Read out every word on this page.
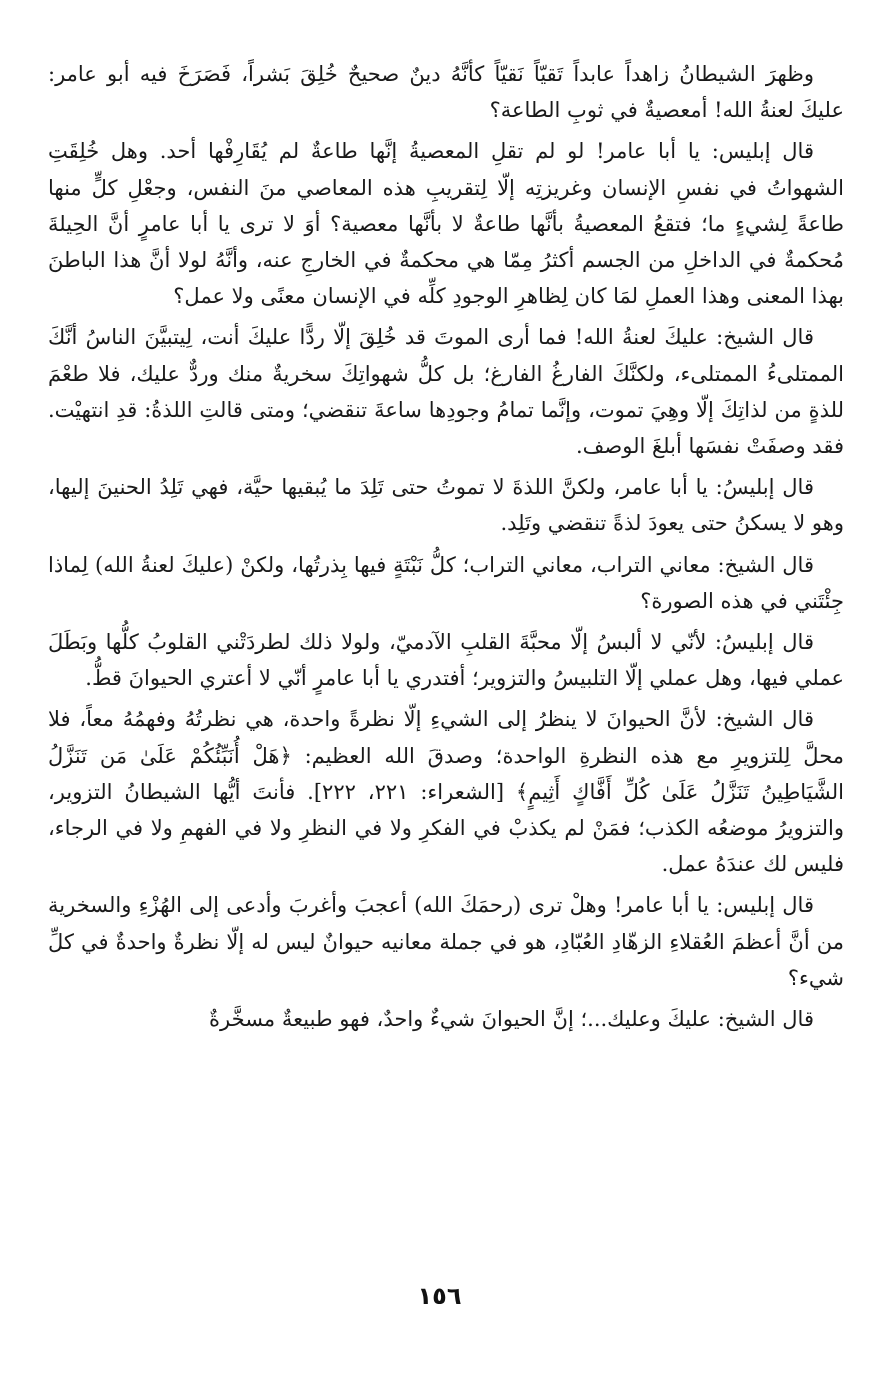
وظهرَ الشيطانُ زاهداً عابداً تَقيّاً نَقيّاً كأنَّهُ دينٌ صحيحٌ خُلِقَ بَشراً، فَصَرَخَ فيه أبو عامر: عليكَ لعنةُ الله! أمعصيةٌ في ثوبِ الطاعة؟

قال إبليس: يا أبا عامر! لو لم تقلِ المعصيةُ إنَّها طاعةٌ لم يُقَارِفْها أحد. وهل خُلِقَتِ الشهواتُ في نفسِ الإنسان وغريزتِه إلّا لِتقريبِ هذه المعاصي منَ النفس، وجعْلِ كلٍّ منها طاعةً لِشيءٍ ما؛ فتقعُ المعصيةُ بأنَّها طاعةٌ لا بأنَّها معصية؟ أوَ لا ترى يا أبا عامرٍ أنَّ الحِيلةَ مُحكمةٌ في الداخلِ من الجسم أكثرُ مِمّا هي محكمةٌ في الخارجِ عنه، وأنَّهُ لولا أنَّ هذا الباطنَ بهذا المعنى وهذا العملِ لمَا كان لِظاهرِ الوجودِ كلِّه في الإنسان معنًى ولا عمل؟

قال الشيخ: عليكَ لعنةُ الله! فما أرى الموتَ قد خُلِقَ إلّا ردًّا عليكَ أنت، لِيتبيَّنَ الناسُ أنَّكَ الممتلىءُ الممتلىء، ولكنَّكَ الفارغُ الفارغ؛ بل كلُّ شهواتِكَ سخريةٌ منك وردٌّ عليك، فلا طعْمَ للذةٍ من لذاتِكَ إلّا وهِيَ تموت، وإنَّما تمامُ وجودِها ساعةَ تنقضي؛ ومتى قالتِ اللذةُ: قدِ انتهيْت. فقد وصفَتْ نفسَها أبلغَ الوصف.

قال إبليسُ: يا أبا عامر، ولكنَّ اللذةَ لا تموتُ حتى تَلِدَ ما يُبقيها حيَّة، فهي تَلِدُ الحنينَ إليها، وهو لا يسكنُ حتى يعودَ لذةً تنقضي وتَلِد.

قال الشيخ: معاني التراب، معاني التراب؛ كلُّ نَبْتَةٍ فيها بِذرتُها، ولكنْ (عليكَ لعنةُ الله) لِماذا جِئْتَني في هذه الصورة؟

قال إبليسُ: لأنّي لا ألبسُ إلّا محبَّةَ القلبِ الآدميّ، ولولا ذلك لطردَتْني القلوبُ كلُّها وبَطَلَ عملي فيها، وهل عملي إلّا التلبيسُ والتزوير؛ أفتدري يا أبا عامرٍ أنّي لا أعتري الحيوانَ قطُّ.

قال الشيخ: لأنَّ الحيوانَ لا ينظرُ إلى الشيءِ إلّا نظرةً واحدة، هي نظرتُهُ وفهمُهُ معاً، فلا محلَّ لِلتزويرِ مع هذه النظرةِ الواحدة؛ وصدقَ الله العظيم: ﴿هَلْ أُنَبِّئُكُمْ عَلَىٰ مَن تَنَزَّلُ الشَّيَاطِينُ تَنَزَّلُ عَلَىٰ كُلِّ أَفَّاكٍ أَثِيمٍ﴾ [الشعراء: ٢٢١، ٢٢٢]. فأنتَ أيُّها الشيطانُ التزوير، والتزويرُ موضعُه الكذب؛ فمَنْ لم يكذبْ في الفكرِ ولا في النظرِ ولا في الفهمِ ولا في الرجاء، فليس لك عندَهُ عمل.

قال إبليس: يا أبا عامر! وهلْ ترى (رحمَكَ الله) أعجبَ وأغربَ وأدعى إلى الهُزْءِ والسخرية من أنَّ أعظمَ العُقلاءِ الزهّادِ العُبّادِ، هو في جملة معانيه حيوانٌ ليس له إلّا نظرةٌ واحدةٌ في كلِّ شيء؟

قال الشيخ: عليكَ وعليك...؛ إنَّ الحيوانَ شيءٌ واحدٌ، فهو طبيعةٌ مسخَّرةٌ

١٥٦
